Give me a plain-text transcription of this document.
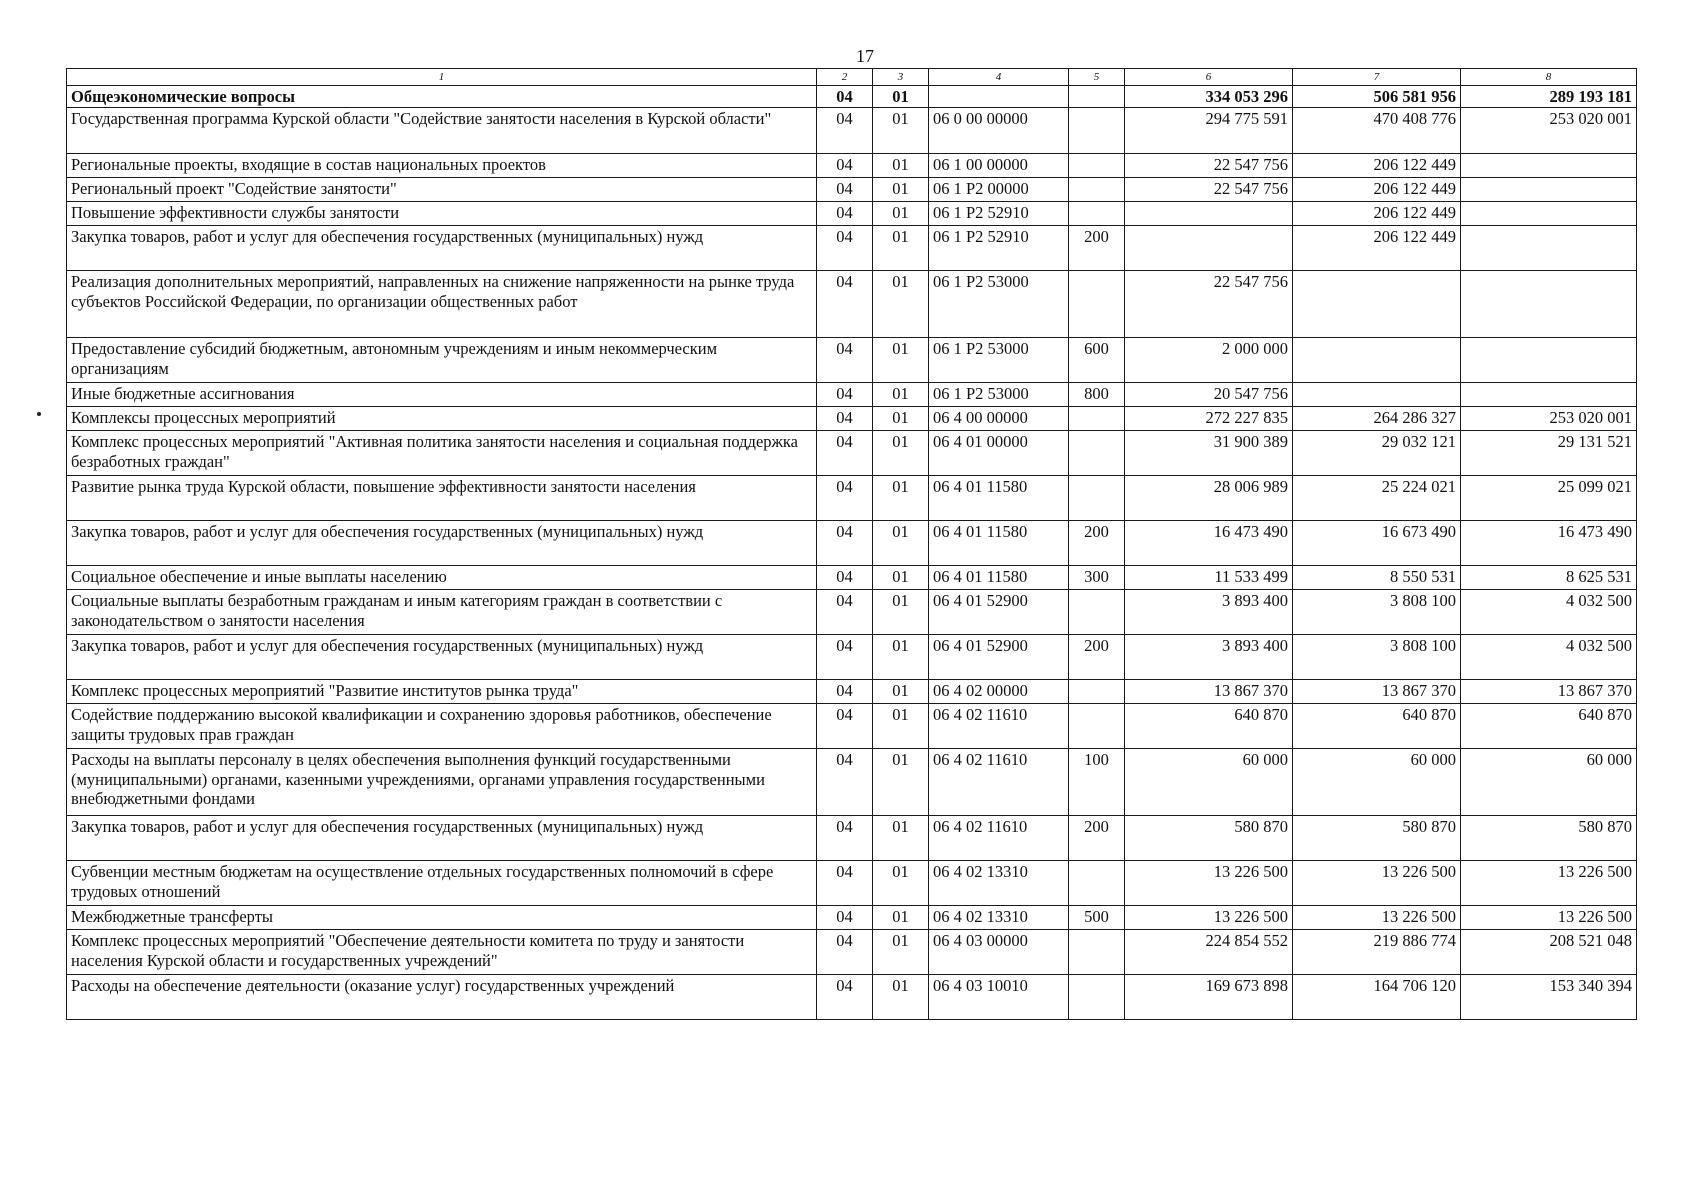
17
1	2	3	4	5	6	7	8
Общеэкономические вопросы	04	01			334 053 296	506 581 956	289 193 181
Государственная программа Курской области "Содействие занятости населения в Курской области"	04	01	06 0 00 00000		294 775 591	470 408 776	253 020 001
Региональные проекты, входящие в состав национальных проектов	04	01	06 1 00 00000		22 547 756	206 122 449	
Региональный проект "Содействие занятости"	04	01	06 1 P2 00000		22 547 756	206 122 449	
Повышение эффективности службы занятости	04	01	06 1 P2 52910			206 122 449	
Закупка товаров, работ и услуг для обеспечения государственных (муниципальных) нужд	04	01	06 1 P2 52910	200		206 122 449	
Реализация дополнительных мероприятий, направленных на снижение напряженности на рынке труда субъектов Российской Федерации, по организации общественных работ	04	01	06 1 P2 53000		22 547 756		
Предоставление субсидий бюджетным, автономным учреждениям и иным некоммерческим организациям	04	01	06 1 P2 53000	600	2 000 000		
Иные бюджетные ассигнования	04	01	06 1 P2 53000	800	20 547 756		
Комплексы процессных мероприятий	04	01	06 4 00 00000		272 227 835	264 286 327	253 020 001
Комплекс процессных мероприятий "Активная политика занятости населения и социальная поддержка безработных граждан"	04	01	06 4 01 00000		31 900 389	29 032 121	29 131 521
Развитие рынка труда Курской области, повышение эффективности занятости населения	04	01	06 4 01 11580		28 006 989	25 224 021	25 099 021
Закупка товаров, работ и услуг для обеспечения государственных (муниципальных) нужд	04	01	06 4 01 11580	200	16 473 490	16 673 490	16 473 490
Социальное обеспечение и иные выплаты населению	04	01	06 4 01 11580	300	11 533 499	8 550 531	8 625 531
Социальные выплаты безработным гражданам и иным категориям граждан в соответствии с законодательством о занятости населения	04	01	06 4 01 52900		3 893 400	3 808 100	4 032 500
Закупка товаров, работ и услуг для обеспечения государственных (муниципальных) нужд	04	01	06 4 01 52900	200	3 893 400	3 808 100	4 032 500
Комплекс процессных мероприятий "Развитие институтов рынка труда"	04	01	06 4 02 00000		13 867 370	13 867 370	13 867 370
Содействие поддержанию высокой квалификации и сохранению здоровья работников, обеспечение защиты трудовых прав граждан	04	01	06 4 02 11610		640 870	640 870	640 870
Расходы на выплаты персоналу в целях обеспечения выполнения функций государственными (муниципальными) органами, казенными учреждениями, органами управления государственными внебюджетными фондами	04	01	06 4 02 11610	100	60 000	60 000	60 000
Закупка товаров, работ и услуг для обеспечения государственных (муниципальных) нужд	04	01	06 4 02 11610	200	580 870	580 870	580 870
Субвенции местным бюджетам на осуществление отдельных государственных полномочий в сфере трудовых отношений	04	01	06 4 02 13310		13 226 500	13 226 500	13 226 500
Межбюджетные трансферты	04	01	06 4 02 13310	500	13 226 500	13 226 500	13 226 500
Комплекс процессных мероприятий "Обеспечение деятельности комитета по труду и занятости населения Курской области и государственных учреждений"	04	01	06 4 03 00000		224 854 552	219 886 774	208 521 048
Расходы на обеспечение деятельности (оказание услуг) государственных учреждений	04	01	06 4 03 10010		169 673 898	164 706 120	153 340 394
